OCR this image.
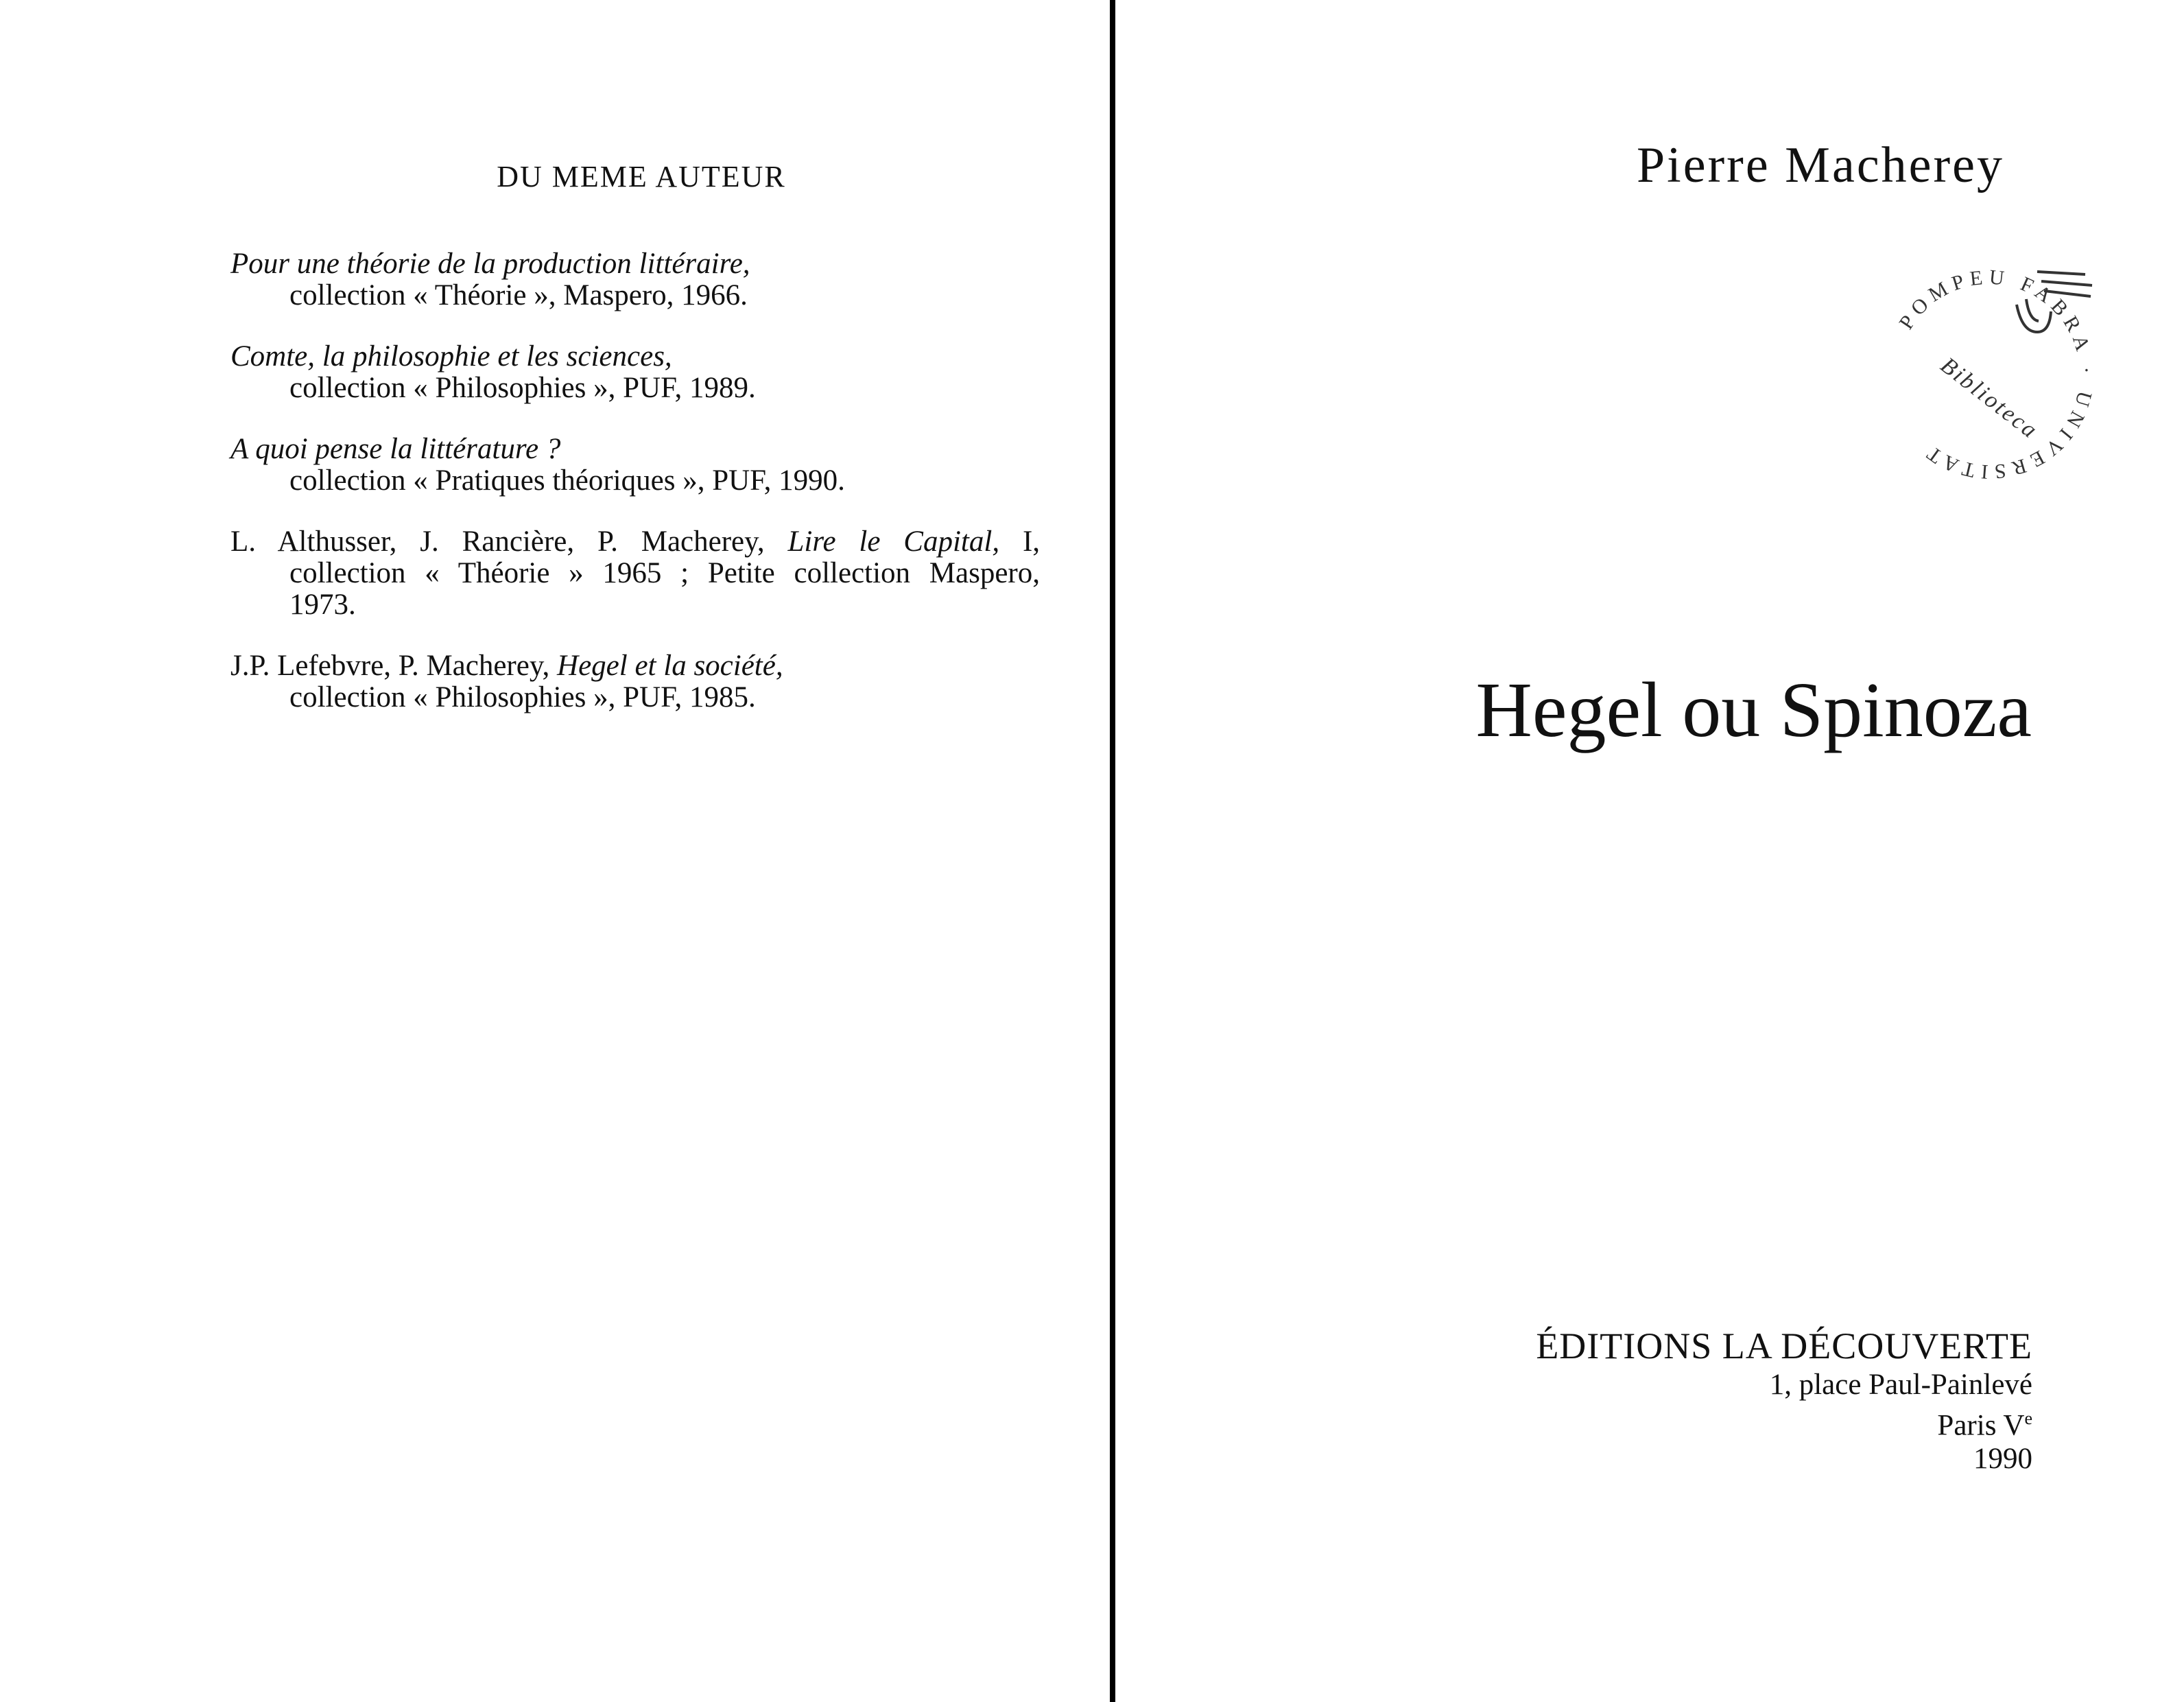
DU MEME AUTEUR
Pour une théorie de la production littéraire,
collection « Théorie », Maspero, 1966.
Comte, la philosophie et les sciences,
collection « Philosophies », PUF, 1989.
A quoi pense la littérature ?
collection « Pratiques théoriques », PUF, 1990.
L. Althusser, J. Rancière, P. Macherey, Lire le Capital, I,
collection « Théorie » 1965 ; Petite collection Maspero,
1973.
J.P. Lefebvre, P. Macherey, Hegel et la société,
collection « Philosophies », PUF, 1985.
Pierre Macherey
POMPEU FABRA · UNIVERSITAT
Biblioteca
Hegel ou Spinoza
ÉDITIONS LA DÉCOUVERTE
1, place Paul-Painlevé
Paris Ve
1990
